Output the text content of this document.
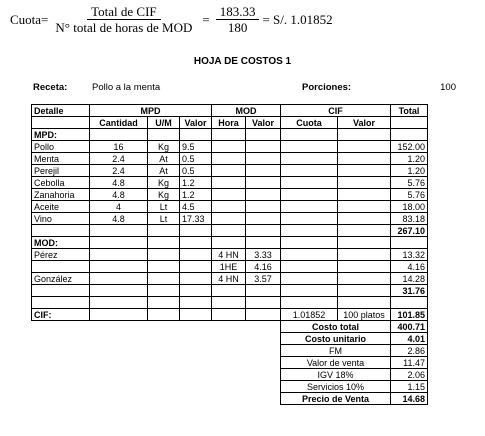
Cuota= $\frac{\text{Total de CIF}}{\text{N° total de horas de MOD}} = \frac{183.33}{180} = S/$. 1.01852
HOJA DE COSTOS 1
Receta:	Pollo a la menta	Porciones:	100
Detalle	MPD			MOD		CIF		Total
	Cantidad	U/M	Valor	Hora	Valor	Cuota	Valor	
MPD:								
Pollo	16	Kg	9.5					152.00
Menta	2.4	At	0.5					1.20
Perejil	2.4	At	0.5					1.20
Cebolla	4.8	Kg	1.2					5.76
Zanahoria	4.8	Kg	1.2					5.76
Aceite	4	Lt	4.5					18.00
Vino	4.8	Lt	17.33					83.18
								267.10
MOD:								
Pérez				4 HN	3.33			13.32
				1HE	4.16			4.16
González				4 HN	3.57			14.28
								31.76

CIF:						1.01852	100 platos	101.85
						Costo total		400.71
						Costo unitario		4.01
						FM		2.86
						Valor de venta		11.47
						IGV 18%		2.06
						Servicios 10%		1.15
						Precio de Venta		14.68
